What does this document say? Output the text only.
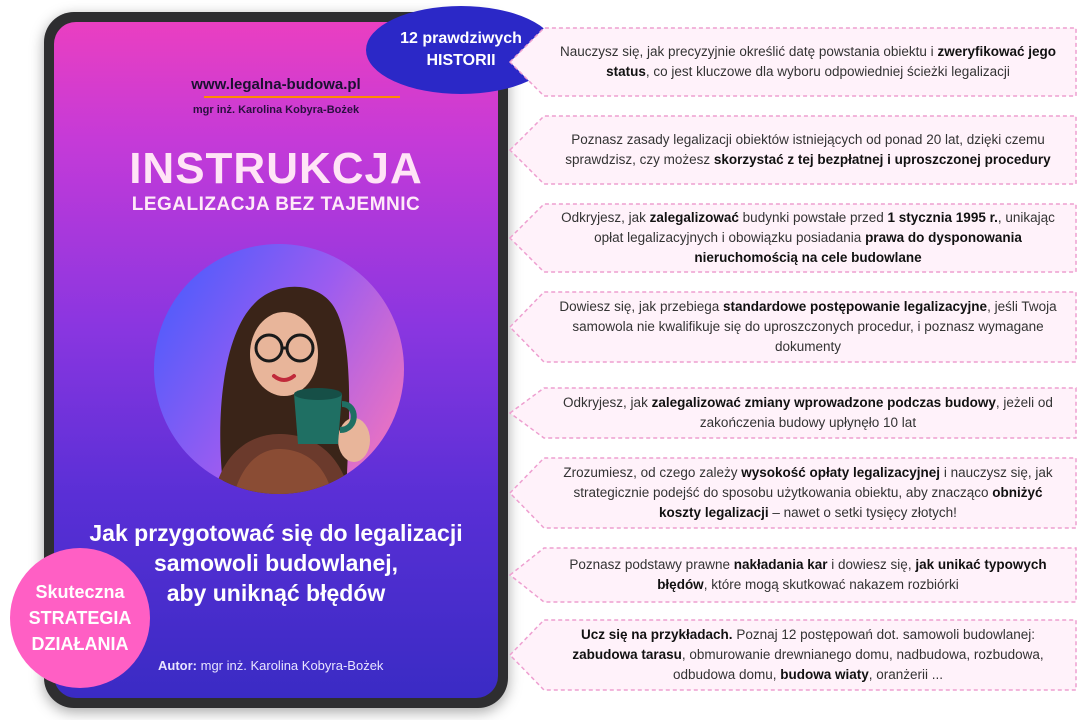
www.legalna-budowa.pl
mgr inż. Karolina Kobyra-Bożek
INSTRUKCJA
LEGALIZACJA BEZ TAJEMNIC
Jak przygotować się do legalizacji
samowoli budowlanej,
aby uniknąć błędów
Autor: mgr inż. Karolina Kobyra-Bożek
12 prawdziwych
HISTORII
Skuteczna
STRATEGIA
DZIAŁANIA
Nauczysz się, jak precyzyjnie określić datę powstania obiektu i zweryfikować jego status, co jest kluczowe dla wyboru odpowiedniej ścieżki legalizacji
Poznasz zasady legalizacji obiektów istniejących od ponad 20 lat, dzięki czemu sprawdzisz, czy możesz skorzystać z tej bezpłatnej i uproszczonej procedury
Odkryjesz, jak zalegalizować budynki powstałe przed 1 stycznia 1995 r., unikając opłat legalizacyjnych i obowiązku posiadania prawa do dysponowania nieruchomością na cele budowlane
Dowiesz się, jak przebiega standardowe postępowanie legalizacyjne, jeśli Twoja samowola nie kwalifikuje się do uproszczonych procedur, i poznasz wymagane dokumenty
Odkryjesz, jak zalegalizować zmiany wprowadzone podczas budowy, jeżeli od zakończenia budowy upłynęło 10 lat
Zrozumiesz, od czego zależy wysokość opłaty legalizacyjnej i nauczysz się, jak strategicznie podejść do sposobu użytkowania obiektu, aby znacząco obniżyć koszty legalizacji – nawet o setki tysięcy złotych!
Poznasz podstawy prawne nakładania kar i dowiesz się, jak unikać typowych błędów, które mogą skutkować nakazem rozbiórki
Ucz się na przykładach. Poznaj 12 postępowań dot. samowoli budowlanej: zabudowa tarasu, obmurowanie drewnianego domu, nadbudowa, rozbudowa, odbudowa domu, budowa wiaty, oranżerii ...
